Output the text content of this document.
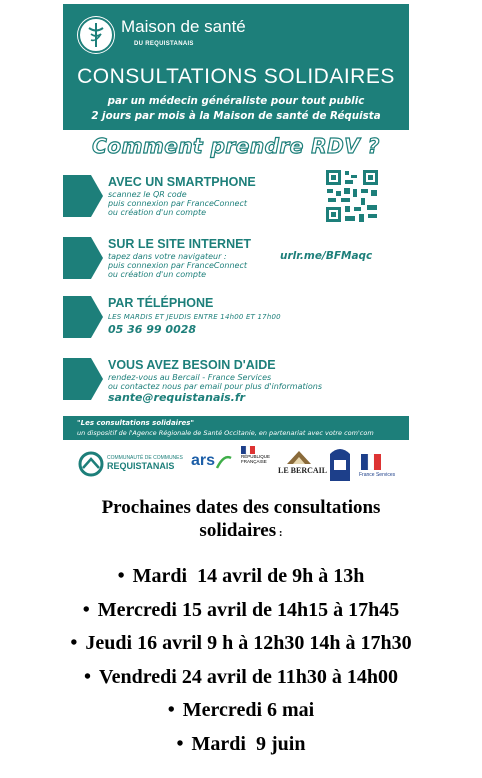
Maison de santé
DU REQUISTANAIS
CONSULTATIONS SOLIDAIRES
par un médecin généraliste pour tout public
2 jours par mois à la Maison de santé de Réquista
Comment prendre RDV ?
AVEC UN SMARTPHONE
scannez le QR code
puis connexion par FranceConnect
ou création d'un compte
SUR LE SITE INTERNET
tapez dans votre navigateur :
puis connexion par FranceConnect
ou création d'un compte
urlr.me/BFMaqc
PAR TÉLÉPHONE
LES MARDIS ET JEUDIS ENTRE 14h00 ET 17h00
05 36 99 0028
VOUS AVEZ BESOIN D'AIDE
rendez-vous au Bercail - France Services
ou contactez nous par email pour plus d'informations
sante@requistanais.fr
"Les consultations solidaires"
un dispositif de l'Agence Régionale de Santé Occitanie, en partenariat avec votre com'com
COMMUNAUTÉ DE COMMUNES
REQUISTANAIS ars	RÉPUBLIQUE
FRANÇAISE
LE BERCAIL	France Services
Prochaines dates des consultations
solidaires :
• Mardi  14 avril de 9h à 13h
• Mercredi 15 avril de 14h15 à 17h45
• Jeudi 16 avril 9 h à 12h30 14h à 17h30
• Vendredi 24 avril de 11h30 à 14h00
• Mercredi 6 mai
• Mardi  9 juin
